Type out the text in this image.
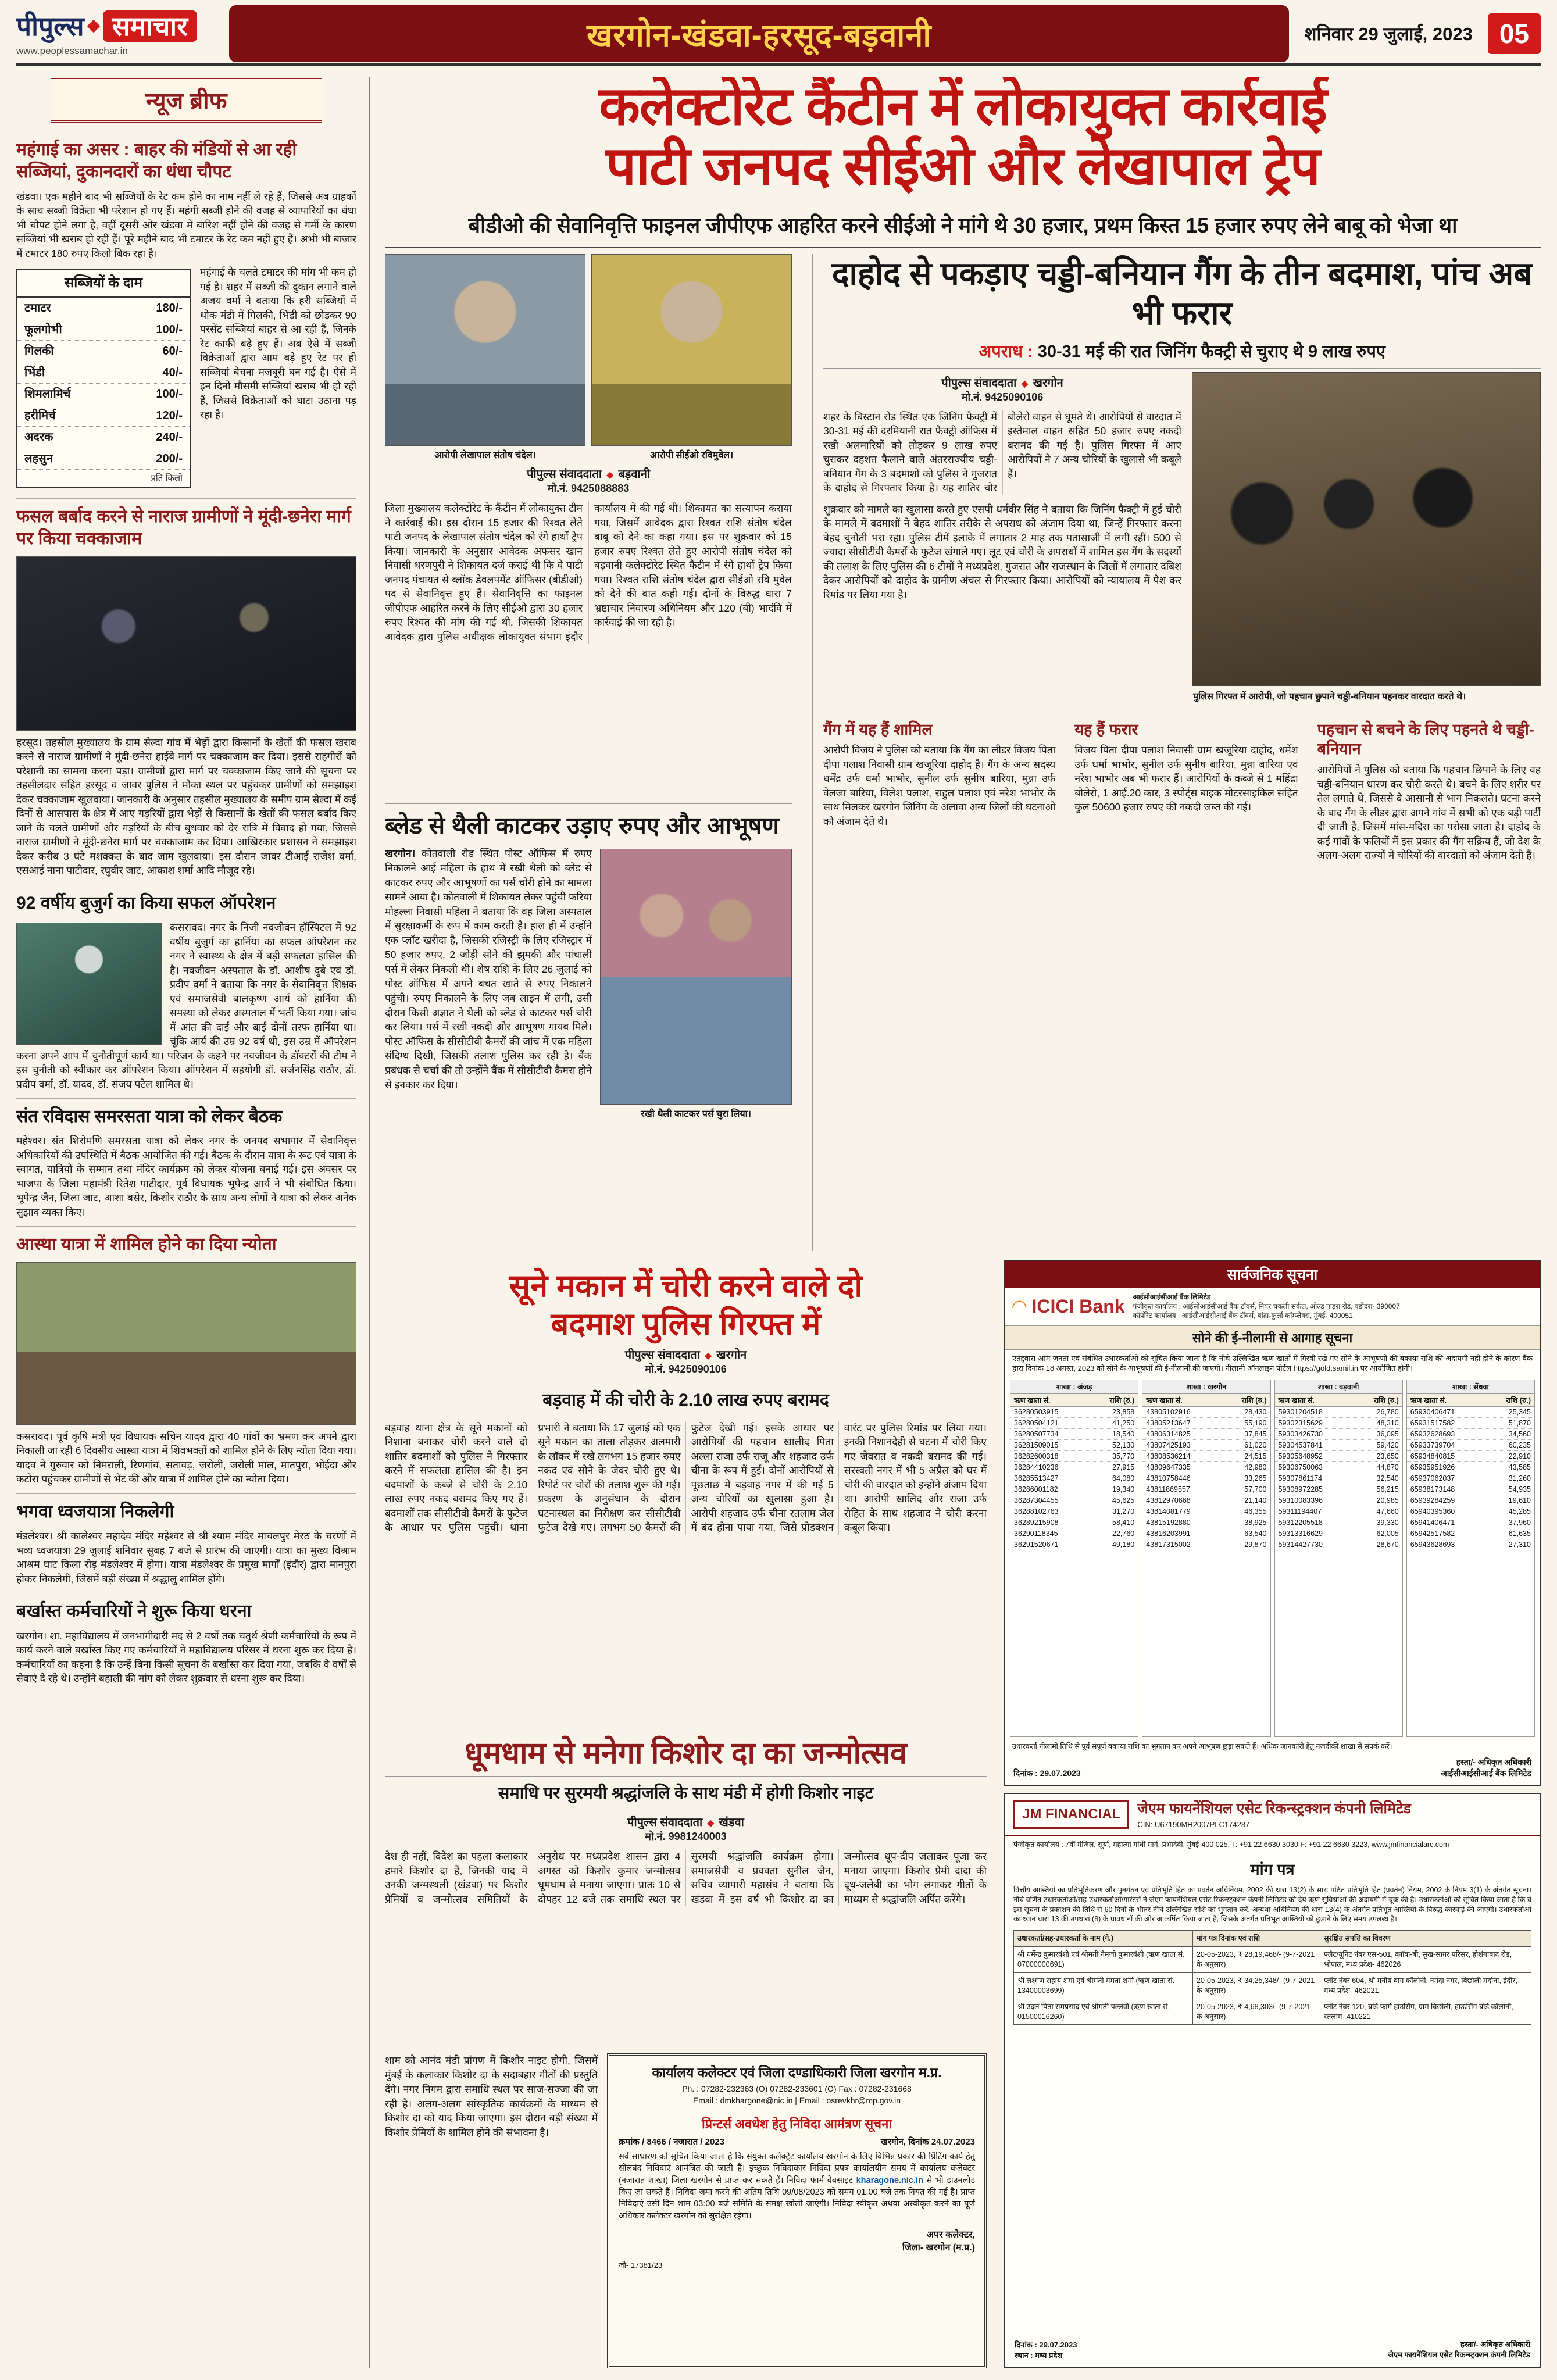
पीपुल्स	समाचार
www.peoplessamachar.in	खरगोन-खंडवा-हरसूद-बड़वानी	शनिवार 29 जुलाई, 2023	05
न्यूज ब्रीफ
महंगाई का असर : बाहर की मंडियों से आ रही सब्जियां, दुकानदारों का धंधा चौपट

खंडवा। एक महीने बाद भी सब्जियों के रेट कम होने का नाम नहीं ले रहे हैं, जिससे अब ग्राहकों के साथ सब्जी विक्रेता भी परेशान हो गए हैं। महंगी सब्जी होने की वजह से व्यापारियों का धंधा भी चौपट होने लगा है, वहीं दूसरी ओर खंडवा में बारिश नहीं होने की वजह से गर्मी के कारण सब्जियां भी खराब हो रही हैं। पूरे महीने बाद भी टमाटर के रेट कम नहीं हुए हैं। अभी भी बाजार में टमाटर 180 रुपए किलो बिक रहा है।

सब्जियों के दाम
टमाटर	180/-
फूलगोभी	100/-
गिलकी	60/-
भिंडी	40/-
शिमलामिर्च	100/-
हरीमिर्च	120/-
अदरक	240/-
लहसुन	200/-
प्रति किलो
महंगाई के चलते टमाटर की मांग भी कम हो गई है। शहर में सब्जी की दुकान लगाने वाले अजय वर्मा ने बताया कि हरी सब्जियों में थोक मंडी में गिलकी, भिंडी को छोड़कर 90 परसेंट सब्जियां बाहर से आ रही हैं, जिनके रेट काफी बढ़े हुए हैं। अब ऐसे में सब्जी विक्रेताओं द्वारा आम बड़े हुए रेट पर ही सब्जियां बेचना मजबूरी बन गई है। ऐसे में इन दिनों मौसमी सब्जियां खराब भी हो रही हैं, जिससे विक्रेताओं को घाटा उठाना पड़ रहा है।
फसल बर्बाद करने से नाराज ग्रामीणों ने मूंदी-छनेरा मार्ग पर किया चक्काजाम

हरसूद। तहसील मुख्यालय के ग्राम सेल्दा गांव में भेड़ों द्वारा किसानों के खेतों की फसल खराब करने से नाराज ग्रामीणों ने मूंदी-छनेरा हाईवे मार्ग पर चक्काजाम कर दिया। इससे राहगीरों को परेशानी का सामना करना पड़ा। ग्रामीणों द्वारा मार्ग पर चक्काजाम किए जाने की सूचना पर तहसीलदार सहित हरसूद व जावर पुलिस ने मौका स्थल पर पहुंचकर ग्रामीणों को समझाइश देकर चक्काजाम खुलवाया। जानकारी के अनुसार तहसील मुख्यालय के समीप ग्राम सेल्दा में कई दिनों से आसपास के क्षेत्र में आए गड़रियों द्वारा भेड़ों से किसानों के खेतों की फसल बर्बाद किए जाने के चलते ग्रामीणों और गड़रियों के बीच बुधवार को देर रात्रि में विवाद हो गया, जिससे नाराज ग्रामीणों ने मूंदी-छनेरा मार्ग पर चक्काजाम कर दिया। आखिरकार प्रशासन ने समझाइश देकर करीब 3 घंटे मशक्कत के बाद जाम खुलवाया। इस दौरान जावर टीआई राजेश वर्मा, एसआई नाना पाटीदार, रघुवीर जाट, आकाश शर्मा आदि मौजूद रहे।

92 वर्षीय बुजुर्ग का किया सफल ऑपरेशन
कसरावद। नगर के निजी नवजीवन हॉस्पिटल में 92 वर्षीय बुजुर्ग का हार्निया का सफल ऑपरेशन कर नगर ने स्वास्थ्य के क्षेत्र में बड़ी सफलता हासिल की है। नवजीवन अस्पताल के डॉ. आशीष दुबे एवं डॉ. प्रदीप वर्मा ने बताया कि नगर के सेवानिवृत्त शिक्षक एवं समाजसेवी बालकृष्ण आर्य को हार्निया की समस्या को लेकर अस्पताल में भर्ती किया गया। जांच में आंत की दाईं और बाईं दोनों तरफ हार्निया था। चूंकि आर्य की उम्र 92 वर्ष थी, इस उम्र में ऑपरेशन करना अपने आप में चुनौतीपूर्ण कार्य था। परिजन के कहने पर नवजीवन के डॉक्टरों की टीम ने इस चुनौती को स्वीकार कर ऑपरेशन किया। ऑपरेशन में सहयोगी डॉ. सर्जनसिंह राठौर, डॉ. प्रदीप वर्मा, डॉ. यादव, डॉ. संजय पटेल शामिल थे।
संत रविदास समरसता यात्रा को लेकर बैठक

महेश्वर। संत शिरोमणि समरसता यात्रा को लेकर नगर के जनपद सभागार में सेवानिवृत्त अधिकारियों की उपस्थिति में बैठक आयोजित की गई। बैठक के दौरान यात्रा के रूट एवं यात्रा के स्वागत, यात्रियों के सम्मान तथा मंदिर कार्यक्रम को लेकर योजना बनाई गई। इस अवसर पर भाजपा के जिला महामंत्री रितेश पाटीदार, पूर्व विधायक भूपेन्द्र आर्य ने भी संबोधित किया। भूपेन्द्र जैन, जिला जाट, आशा बसेर, किशोर राठौर के साथ अन्य लोगों ने यात्रा को लेकर अनेक सुझाव व्यक्त किए।

आस्था यात्रा में शामिल होने का दिया न्योता

कसरावद। पूर्व कृषि मंत्री एवं विधायक सचिन यादव द्वारा 40 गांवों का भ्रमण कर अपने द्वारा निकाली जा रही 6 दिवसीय आस्था यात्रा में शिवभक्तों को शामिल होने के लिए न्योता दिया गया। यादव ने गुरुवार को निमराली, रिणगांव, सतावड़, जरोली, जरोली माल, मातपुरा, भोईदा और कटोरा पहुंचकर ग्रामीणों से भेंट की और यात्रा में शामिल होने का न्योता दिया।

भगवा ध्वजयात्रा निकलेगी

मंडलेश्वर। श्री कालेश्वर महादेव मंदिर महेश्वर से श्री श्याम मंदिर माचलपुर मेरठ के चरणों में भव्य ध्वजयात्रा 29 जुलाई शनिवार सुबह 7 बजे से प्रारंभ की जाएगी। यात्रा का मुख्य विश्राम आश्रम घाट किला रोड़ मंडलेश्वर में होगा। यात्रा मंडलेश्वर के प्रमुख मार्गों (इंदौर) द्वारा मानपुरा होकर निकलेगी, जिसमें बड़ी संख्या में श्रद्धालु शामिल होंगे।

बर्खास्त कर्मचारियों ने शुरू किया धरना

खरगोन। शा. महाविद्यालय में जनभागीदारी मद से 2 वर्षों तक चतुर्थ श्रेणी कर्मचारियों के रूप में कार्य करने वाले बर्खास्त किए गए कर्मचारियों ने महाविद्यालय परिसर में धरना शुरू कर दिया है। कर्मचारियों का कहना है कि उन्हें बिना किसी सूचना के बर्खास्त कर दिया गया, जबकि वे वर्षों से सेवाएं दे रहे थे। उन्होंने बहाली की मांग को लेकर शुक्रवार से धरना शुरू कर दिया।

कलेक्टोरेट कैंटीन में लोकायुक्त कार्रवाई
पाटी जनपद सीईओ और लेखापाल ट्रेप
बीडीओ की सेवानिवृत्ति फाइनल जीपीएफ आहरित करने सीईओ ने मांगे थे 30 हजार, प्रथम किस्त 15 हजार रुपए लेने बाबू को भेजा था
आरोपी लेखापाल संतोष चंदेल।	आरोपी सीईओ रविमुवेल।
पीपुल्स संवाददाता ◆ बड़वानी
मो.नं. 9425088883

जिला मुख्यालय कलेक्टोरेट के कैंटीन में लोकायुक्त टीम ने कार्रवाई की। इस दौरान 15 हजार की रिश्वत लेते पाटी जनपद के लेखापाल संतोष चंदेल को रंगे हाथों ट्रेप किया। जानकारी के अनुसार आवेदक अफसर खान निवासी धरणपुरी ने शिकायत दर्ज कराई थी कि वे पाटी जनपद पंचायत से ब्लॉक डेवलपमेंट ऑफिसर (बीडीओ) पद से सेवानिवृत्त हुए हैं। सेवानिवृत्ति का फाइनल जीपीएफ आहरित करने के लिए सीईओ द्वारा 30 हजार रुपए रिश्वत की मांग की गई थी, जिसकी शिकायत आवेदक द्वारा पुलिस अधीक्षक लोकायुक्त संभाग इंदौर कार्यालय में की गई थी। शिकायत का सत्यापन कराया गया, जिसमें आवेदक द्वारा रिश्वत राशि संतोष चंदेल बाबू को देने का कहा गया। इस पर शुक्रवार को 15 हजार रुपए रिश्वत लेते हुए आरोपी संतोष चंदेल को बड़वानी कलेक्टोरेट स्थित कैंटीन में रंगे हाथों ट्रेप किया गया। रिश्वत राशि संतोष चंदेल द्वारा सीईओ रवि मुवेल को देने की बात कही गई। दोनों के विरुद्ध धारा 7 भ्रष्टाचार निवारण अधिनियम और 120 (बी) भादंवि में कार्रवाई की जा रही है।

दाहोद से पकड़ाए चड्डी-बनियान गैंग के तीन बदमाश, पांच अब भी फरार
अपराध : 30-31 मई की रात जिनिंग फैक्ट्री से चुराए थे 9 लाख रुपए
पीपुल्स संवाददाता ◆ खरगोन
मो.नं. 9425090106

शहर के बिस्टान रोड स्थित एक जिनिंग फैक्ट्री में 30-31 मई की दरमियानी रात फैक्ट्री ऑफिस में रखी अलमारियों को तोड़कर 9 लाख रुपए चुराकर दहशत फैलाने वाले अंतरराज्यीय चड्डी-बनियान गैंग के 3 बदमाशों को पुलिस ने गुजरात के दाहोद से गिरफ्तार किया है। यह शातिर चोर बोलेरो वाहन से घूमते थे। आरोपियों से वारदात में इस्तेमाल वाहन सहित 50 हजार रुपए नकदी बरामद की गई है। पुलिस गिरफ्त में आए आरोपियों ने 7 अन्य चोरियों के खुलासे भी कबूले हैं।

शुक्रवार को मामले का खुलासा करते हुए एसपी धर्मवीर सिंह ने बताया कि जिनिंग फैक्ट्री में हुई चोरी के मामले में बदमाशों ने बेहद शातिर तरीके से अपराध को अंजाम दिया था, जिन्हें गिरफ्तार करना बेहद चुनौती भरा रहा। पुलिस टीमें इलाके में लगातार 2 माह तक पतासाजी में लगी रहीं। 500 से ज्यादा सीसीटीवी कैमरों के फुटेज खंगाले गए। लूट एवं चोरी के अपराधों में शामिल इस गैंग के सदस्यों की तलाश के लिए पुलिस की 6 टीमों ने मध्यप्रदेश, गुजरात और राजस्थान के जिलों में लगातार दबिश देकर आरोपियों को दाहोद के ग्रामीण अंचल से गिरफ्तार किया। आरोपियों को न्यायालय में पेश कर रिमांड पर लिया गया है।

पुलिस गिरफ्त में आरोपी, जो पहचान छुपाने चड्डी-बनियान पहनकर वारदात करते थे।
गैंग में यह हैं शामिल

आरोपी विजय ने पुलिस को बताया कि गैंग का लीडर विजय पिता दीपा पलाश निवासी ग्राम खजूरिया दाहोद है। गैंग के अन्य सदस्य धर्मेंद्र उर्फ धर्मा भाभोर, सुनील उर्फ सुनीष बारिया, मुन्ना उर्फ वेलजा बारिया, विलेश पलाश, राहुल पलाश एवं नरेश भाभोर के साथ मिलकर खरगोन जिनिंग के अलावा अन्य जिलों की घटनाओं को अंजाम देते थे।

यह हैं फरार

विजय पिता दीपा पलाश निवासी ग्राम खजूरिया दाहोद, धर्मेश उर्फ धर्मा भाभोर, सुनील उर्फ सुनीष बारिया, मुन्ना बारिया एवं नरेश भाभोर अब भी फरार हैं। आरोपियों के कब्जे से 1 महिंद्रा बोलेरो, 1 आई.20 कार, 3 स्पोर्ट्स बाइक मोटरसाइकिल सहित कुल 50600 हजार रुपए की नकदी जब्त की गई।

पहचान से बचने के लिए पहनते थे चड्डी-बनियान

आरोपियों ने पुलिस को बताया कि पहचान छिपाने के लिए वह चड्डी-बनियान धारण कर चोरी करते थे। बचने के लिए शरीर पर तेल लगाते थे, जिससे वे आसानी से भाग निकलते। घटना करने के बाद गैंग के लीडर द्वारा अपने गांव में सभी को एक बड़ी पार्टी दी जाती है, जिसमें मांस-मदिरा का परोसा जाता है। दाहोद के कई गांवों के फलियों में इस प्रकार की गैंग सक्रिय हैं, जो देश के अलग-अलग राज्यों में चोरियों की वारदातों को अंजाम देती हैं।

ब्लेड से थैली काटकर उड़ाए रुपए और आभूषण
रखी थैली काटकर पर्स चुरा लिया।

खरगोन। कोतवाली रोड स्थित पोस्ट ऑफिस में रुपए निकालने आई महिला के हाथ में रखी थैली को ब्लेड से काटकर रुपए और आभूषणों का पर्स चोरी होने का मामला सामने आया है। कोतवाली में शिकायत लेकर पहुंची फरिया मोहल्ला निवासी महिला ने बताया कि वह जिला अस्पताल में सुरक्षाकर्मी के रूप में काम करती है। हाल ही में उन्होंने एक प्लॉट खरीदा है, जिसकी रजिस्ट्री के लिए रजिस्ट्रार में 50 हजार रुपए, 2 जोड़ी सोने की झुमकी और पांचाली पर्स में लेकर निकली थी। शेष राशि के लिए 26 जुलाई को पोस्ट ऑफिस में अपने बचत खाते से रुपए निकालने पहुंची। रुपए निकालने के लिए जब लाइन में लगी, उसी दौरान किसी अज्ञात ने थैली को ब्लेड से काटकर पर्स चोरी कर लिया। पर्स में रखी नकदी और आभूषण गायब मिले। पोस्ट ऑफिस के सीसीटीवी कैमरों की जांच में एक महिला संदिग्ध दिखी, जिसकी तलाश पुलिस कर रही है। बैंक प्रबंधक से चर्चा की तो उन्होंने बैंक में सीसीटीवी कैमरा होने से इनकार कर दिया।

सूने मकान में चोरी करने वाले दो
बदमाश पुलिस गिरफ्त में
पीपुल्स संवाददाता ◆ खरगोन
मो.नं. 9425090106
बड़वाह में की चोरी के 2.10 लाख रुपए बरामद

बड़वाह थाना क्षेत्र के सूने मकानों को निशाना बनाकर चोरी करने वाले दो शातिर बदमाशों को पुलिस ने गिरफ्तार करने में सफलता हासिल की है। इन बदमाशों के कब्जे से चोरी के 2.10 लाख रुपए नकद बरामद किए गए हैं। बदमाशों तक सीसीटीवी कैमरों के फुटेज के आधार पर पुलिस पहुंची। थाना प्रभारी ने बताया कि 17 जुलाई को एक सूने मकान का ताला तोड़कर अलमारी के लॉकर में रखे लगभग 15 हजार रुपए नकद एवं सोने के जेवर चोरी हुए थे। रिपोर्ट पर चोरों की तलाश शुरू की गई। प्रकरण के अनुसंधान के दौरान घटनास्थल का निरीक्षण कर सीसीटीवी फुटेज देखे गए। लगभग 50 कैमरों की फुटेज देखी गई। इसके आधार पर आरोपियों की पहचान खालीद पिता अल्ला राजा उर्फ राजू और शहजाद उर्फ चीना के रूप में हुई। दोनों आरोपियों से पूछताछ में बड़वाह नगर में की गई 5 अन्य चोरियों का खुलासा हुआ है। आरोपी शहजाद उर्फ चीना रतलाम जेल में बंद होना पाया गया, जिसे प्रोडक्शन वारंट पर पुलिस रिमांड पर लिया गया। इनकी निशानदेही से घटना में चोरी किए गए जेवरात व नकदी बरामद की गई। सरस्वती नगर में भी 5 अप्रैल को घर में चोरी की वारदात को इन्होंने अंजाम दिया था। आरोपी खालिद और राजा उर्फ रोहित के साथ शहजाद ने चोरी करना कबूल किया।

सार्वजनिक सूचना
◠ ICICI Bank आईसीआईसीआई बैंक लिमिटेड
पंजीकृत कार्यालय : आईसीआईसीआई बैंक टॉवर्स, नियर चकली सर्कल, ओल्ड पाड़रा रोड, वडोदरा- 390007
कॉर्पोरेट कार्यालय : आईसीआईसीआई बैंक टॉवर्स, बांद्रा-कुर्ला कॉम्प्लेक्स, मुंबई- 400051
सोने की ई-नीलामी से आगाह सूचना

एतद्द्वारा आम जनता एवं संबंधित उधारकर्ताओं को सूचित किया जाता है कि नीचे उल्लिखित ऋण खातों में गिरवी रखे गए सोने के आभूषणों की बकाया राशि की अदायगी नहीं होने के कारण बैंक द्वारा दिनांक 18 अगस्त, 2023 को सोने के आभूषणों की ई-नीलामी की जाएगी। नीलामी ऑनलाइन पोर्टल https://gold.samil.in पर आयोजित होगी।

शाखा : अंजड़
ऋण खाता सं.	राशि (रु.)
36280503915	23,858
36280504121	41,250
36280507734	18,540
36281509015	52,130
36282600318	35,770
36284410236	27,915
36285513427	64,080
36286001182	19,340
36287304455	45,625
36288102763	31,270
36289215908	58,410
36290118345	22,760
36291520671	49,180
शाखा : खरगोन
ऋण खाता सं.	राशि (रु.)
43805102916	28,430
43805213647	55,190
43806314825	37,845
43807425193	61,020
43808536214	24,515
43809647335	42,980
43810758446	33,265
43811869557	57,700
43812970668	21,140
43814081779	46,355
43815192880	38,925
43816203991	63,540
43817315002	29,870
शाखा : बड़वानी
ऋण खाता सं.	राशि (रु.)
59301204518	26,780
59302315629	48,310
59303426730	36,095
59304537841	59,420
59305648952	23,650
59306750063	44,870
59307861174	32,540
59308972285	56,215
59310083396	20,985
59311194407	47,660
59312205518	39,330
59313316629	62,005
59314427730	28,670
शाखा : सेंधवा
ऋण खाता सं.	राशि (रु.)
65930406471	25,345
65931517582	51,870
65932628693	34,560
65933739704	60,235
65934840815	22,910
65935951926	43,585
65937062037	31,260
65938173148	54,935
65939284259	19,610
65940395360	45,285
65941406471	37,960
65942517582	61,635
65943628693	27,310

उधारकर्ता नीलामी तिथि से पूर्व संपूर्ण बकाया राशि का भुगतान कर अपने आभूषण छुड़ा सकते हैं। अधिक जानकारी हेतु नजदीकी शाखा से संपर्क करें।

दिनांक : 29.07.2023
हस्ता/- अधिकृत अधिकारी
आईसीआईसीआई बैंक लिमिटेड
धूमधाम से मनेगा किशोर दा का जन्मोत्सव
समाधि पर सुरमयी श्रद्धांजलि के साथ मंडी में होगी किशोर नाइट
पीपुल्स संवाददाता ◆ खंडवा
मो.नं. 9981240003

देश ही नहीं, विदेश का पहला कलाकार हमारे किशोर दा हैं, जिनकी याद में उनकी जन्मस्थली (खंडवा) पर किशोर प्रेमियों व जन्मोत्सव समितियों के अनुरोध पर मध्यप्रदेश शासन द्वारा 4 अगस्त को किशोर कुमार जन्मोत्सव धूमधाम से मनाया जाएगा। प्रातः 10 से दोपहर 12 बजे तक समाधि स्थल पर सुरमयी श्रद्धांजलि कार्यक्रम होगा। समाजसेवी व प्रवक्ता सुनील जैन, सचिव व्यापारी महासंघ ने बताया कि खंडवा में इस वर्ष भी किशोर दा का जन्मोत्सव धूप-दीप जलाकर पूजा कर मनाया जाएगा। किशोर प्रेमी दादा की दूध-जलेबी का भोग लगाकर गीतों के माध्यम से श्रद्धांजलि अर्पित करेंगे।

शाम को आनंद मंडी प्रांगण में किशोर नाइट होगी, जिसमें मुंबई के कलाकार किशोर दा के सदाबहार गीतों की प्रस्तुति देंगे। नगर निगम द्वारा समाधि स्थल पर साज-सज्जा की जा रही है। अलग-अलग सांस्कृतिक कार्यक्रमों के माध्यम से किशोर दा को याद किया जाएगा। इस दौरान बड़ी संख्या में किशोर प्रेमियों के शामिल होने की संभावना है।
कार्यालय कलेक्टर एवं जिला दण्डाधिकारी जिला खरगोन म.प्र.
Ph. : 07282-232363 (O) 07282-233601 (O) Fax : 07282-231668
Email : dmkhargone@nic.in | Email : osrevkhr@mp.gov.in
प्रिन्टर्स अवधेश हेतु निविदा आमंत्रण सूचना
क्रमांक / 8466 / नजारात / 2023	खरगोन, दिनांक 24.07.2023

सर्व साधारण को सूचित किया जाता है कि संयुक्त कलेक्ट्रेट कार्यालय खरगोन के लिए विभिन्न प्रकार की प्रिंटिंग कार्य हेतु सीलबंद निविदाएं आमंत्रित की जाती हैं। इच्छुक निविदाकार निविदा प्रपत्र कार्यालयीन समय में कार्यालय कलेक्टर (नजारात शाखा) जिला खरगोन से प्राप्त कर सकते हैं। निविदा फार्म वेबसाइट kharagone.nic.in से भी डाउनलोड किए जा सकते हैं। निविदा जमा करने की अंतिम तिथि 09/08/2023 को समय 01:00 बजे तक नियत की गई है। प्राप्त निविदाएं उसी दिन शाम 03:00 बजे समिति के समक्ष खोली जाएंगी। निविदा स्वीकृत अथवा अस्वीकृत करने का पूर्ण अधिकार कलेक्टर खरगोन को सुरक्षित रहेगा।

अपर कलेक्टर,
जिला- खरगोन (म.प्र.)
जी- 17381/23
JM FINANCIAL	जेएम फायनेंशियल एसेट रिकन्स्ट्रक्शन कंपनी लिमिटेड
CIN: U67190MH2007PLC174287
पंजीकृत कार्यालय : 7वीं मंजिल, सूर्या, महात्मा गांधी मार्ग, प्रभादेवी, मुंबई-400 025, T: +91 22 6630 3030 F: +91 22 6630 3223, www.jmfinancialarc.com
मांग पत्र

वित्तीय आस्तियों का प्रतिभूतिकरण और पुनर्गठन एवं प्रतिभूति हित का प्रवर्तन अधिनियम, 2002 की धारा 13(2) के साथ पठित प्रतिभूति हित (प्रवर्तन) नियम, 2002 के नियम 3(1) के अंतर्गत सूचना। नीचे वर्णित उधारकर्ताओं/सह-उधारकर्ताओं/गारंटरों ने जेएम फायनेंशियल एसेट रिकन्स्ट्रक्शन कंपनी लिमिटेड को देय ऋण सुविधाओं की अदायगी में चूक की है। उधारकर्ताओं को सूचित किया जाता है कि वे इस सूचना के प्रकाशन की तिथि से 60 दिनों के भीतर नीचे उल्लिखित राशि का भुगतान करें, अन्यथा अधिनियम की धारा 13(4) के अंतर्गत प्रतिभूत आस्तियों के विरुद्ध कार्रवाई की जाएगी। उधारकर्ताओं का ध्यान धारा 13 की उपधारा (8) के प्रावधानों की ओर आकर्षित किया जाता है, जिसके अंतर्गत प्रतिभूत आस्तियों को छुड़ाने के लिए समय उपलब्ध है।

उधारकर्ता/सह-उधारकर्ता के नाम (गे.)	मांग पत्र दिनांक एवं राशि	सुरक्षित संपत्ति का विवरण
श्री धर्मेन्द्र कुमारवंशी एवं श्रीमती नैमजी कुमारवंशी (ऋण खाता सं. 07000000691)	20-05-2023, ₹ 28,19,468/- (9-7-2021 के अनुसार)	फ्लैट/यूनिट नंबर एस-501, ब्लॉक-बी, सुख-सागर परिसर, होशंगाबाद रोड, भोपाल, मध्य प्रदेश- 462026
श्री लक्ष्मण सहाय शर्मा एवं श्रीमती ममता शर्मा (ऋण खाता सं. 13400003699)	20-05-2023, ₹ 34,25,348/- (9-7-2021 के अनुसार)	प्लॉट नंबर 604, श्री मनीष बाग कॉलोनी, नर्मदा नगर, बिछोली मर्दाना, इंदौर, मध्य प्रदेश- 462021
श्री उदल पिता रामप्रसाद एवं श्रीमती पल्लवी (ऋण खाता सं. 01500016260)	20-05-2023, ₹ 4,68,303/- (9-7-2021 के अनुसार)	प्लॉट नंबर 120, ब्रांडे फार्म हाउसिंग, ग्राम बिछोली, हाऊसिंग बोर्ड कॉलोनी, रतलाम- 410221
दिनांक : 29.07.2023
स्थान : मध्य प्रदेश
हस्ता/- अधिकृत अधिकारी
जेएम फायनेंशियल एसेट रिकन्स्ट्रक्शन कंपनी लिमिटेड
